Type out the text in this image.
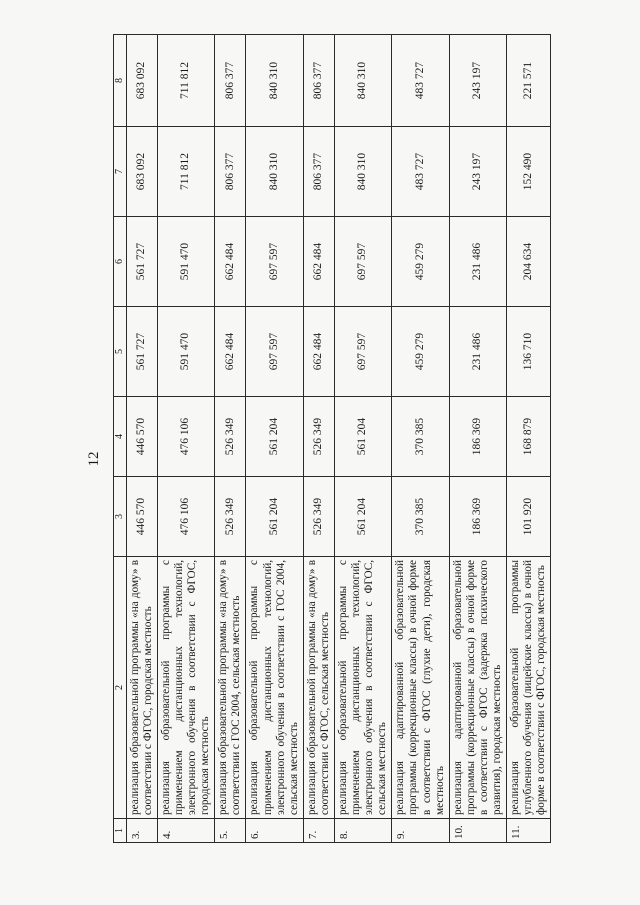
12
1	2	3	4	5	6	7	8
3.	реализация образовательной программы «на дому» в соответствии с ФГОС, городская местность	446 570	446 570	561 727	561 727	683 092	683 092
4.	реализация образовательной программы с применением дистанционных технологий, электронного обучения в соответствии с ФГОС, городская местность	476 106	476 106	591 470	591 470	711 812	711 812
5.	реализация образовательной программы «на дому» в соответствии с ГОС 2004, сельская местность	526 349	526 349	662 484	662 484	806 377	806 377
6.	реализация образовательной программы с применением дистанционных технологий, электронного обучения в соответствии с ГОС 2004, сельская местность	561 204	561 204	697 597	697 597	840 310	840 310
7.	реализация образовательной программы «на дому» в соответствии с ФГОС, сельская местность	526 349	526 349	662 484	662 484	806 377	806 377
8.	реализация образовательной программы с применением дистанционных технологий, электронного обучения в соответствии с ФГОС, сельская местность	561 204	561 204	697 597	697 597	840 310	840 310
9.	реализация адаптированной образовательной программы (коррекционные классы) в очной форме в соответствии с ФГОС (глухие дети), городская местность	370 385	370 385	459 279	459 279	483 727	483 727
10.	реализация адаптированной образовательной программы (коррекционные классы) в очной форме в соответствии с ФГОС (задержка психического развития), городская местность	186 369	186 369	231 486	231 486	243 197	243 197
11.	реализация образовательной программы углубленного обучения (лицейские классы) в очной форме в соответствии с ФГОС, городская местность	101 920	168 879	136 710	204 634	152 490	221 571
